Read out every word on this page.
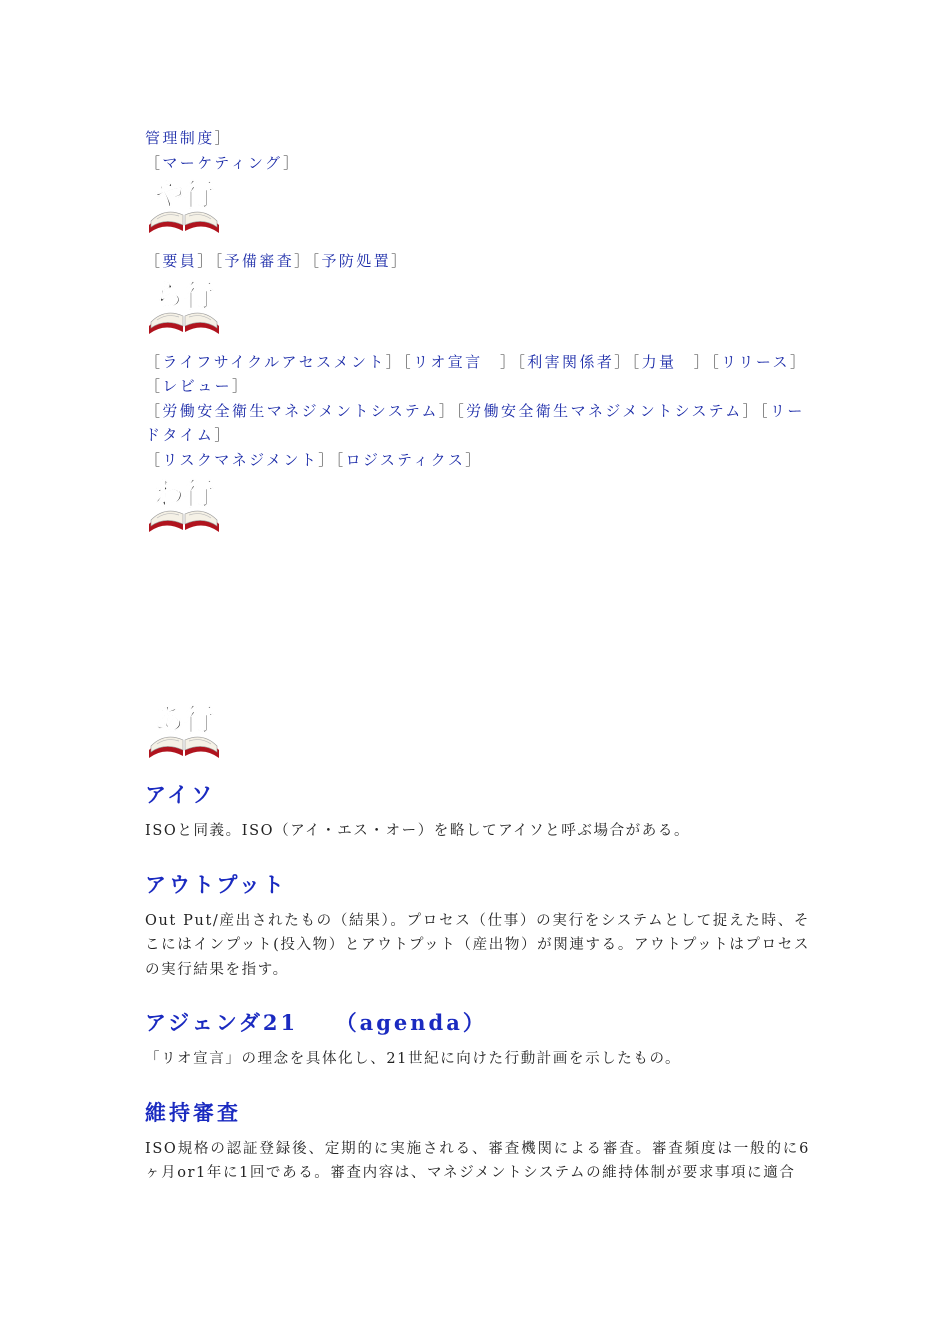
管理制度］
［マーケティング］
や行
［要員］［予備審査］［予防処置］
ら行
［ライフサイクルアセスメント］［リオ宣言　］［利害関係者］［力量　］［リリース］［レビュー］
［労働安全衛生マネジメントシステム］［労働安全衛生マネジメントシステム］［リードタイム］
［リスクマネジメント］［ロジスティクス］
わ行
あ行
アイソ

ISOと同義。ISO（アイ・エス・オー）を略してアイソと呼ぶ場合がある。

アウトプット

Out Put/産出されたもの（結果）。プロセス（仕事）の実行をシステムとして捉えた時、そこにはインプット(投入物）とアウトプット（産出物）が関連する。アウトプットはプロセスの実行結果を指す。

アジェンダ21　　（agenda）

「リオ宣言」の理念を具体化し、21世紀に向けた行動計画を示したもの。

維持審査

ISO規格の認証登録後、定期的に実施される、審査機関による審査。審査頻度は一般的に6ヶ月or1年に1回である。審査内容は、マネジメントシステムの維持体制が要求事項に適合
